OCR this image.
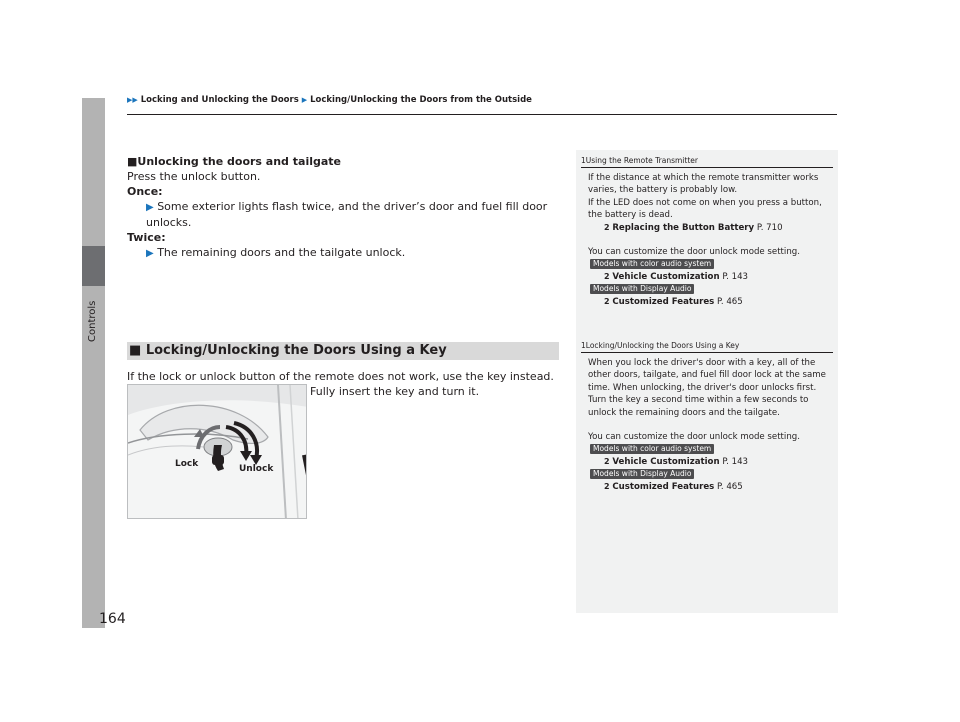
Controls
▶▶ Locking and Unlocking the Doors ▶ Locking/Unlocking the Doors from the Outside
■Unlocking the doors and tailgate
Press the unlock button.
Once:
▶ Some exterior lights flash twice, and the driver’s door and fuel fill door unlocks.
Twice:
▶ The remaining doors and the tailgate unlock.
■ Locking/Unlocking the Doors Using a Key
If the lock or unlock button of the remote does not work, use the key instead.
Fully insert the key and turn it.
Lock	Unlock
1Using the Remote Transmitter
If the distance at which the remote transmitter works varies, the battery is probably low.
If the LED does not come on when you press a button, the battery is dead.
2 Replacing the Button Battery P. 710
You can customize the door unlock mode setting.
Models with color audio system
2 Vehicle Customization P. 143
Models with Display Audio
2 Customized Features P. 465
1Locking/Unlocking the Doors Using a Key
When you lock the driver's door with a key, all of the other doors, tailgate, and fuel fill door lock at the same time. When unlocking, the driver's door unlocks first. Turn the key a second time within a few seconds to unlock the remaining doors and the tailgate.
You can customize the door unlock mode setting.
Models with color audio system
2 Vehicle Customization P. 143
Models with Display Audio
2 Customized Features P. 465
164
